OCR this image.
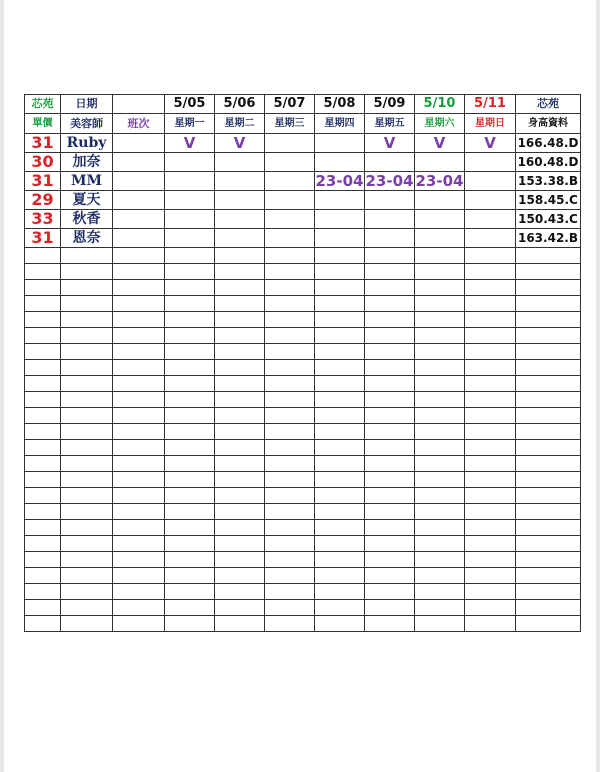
芯苑	日期		5/05	5/06	5/07	5/08	5/09	5/10	5/11	芯苑
單價	美容師	班次	星期一	星期二	星期三	星期四	星期五	星期六	星期日	身高資料
31	Ruby		V	V			V	V	V	166.48.D
30	加奈									160.48.D
31	MM					23-04	23-04	23-04		153.38.B
29	夏天									158.45.C
33	秋香									150.43.C
31	恩奈									163.42.B
